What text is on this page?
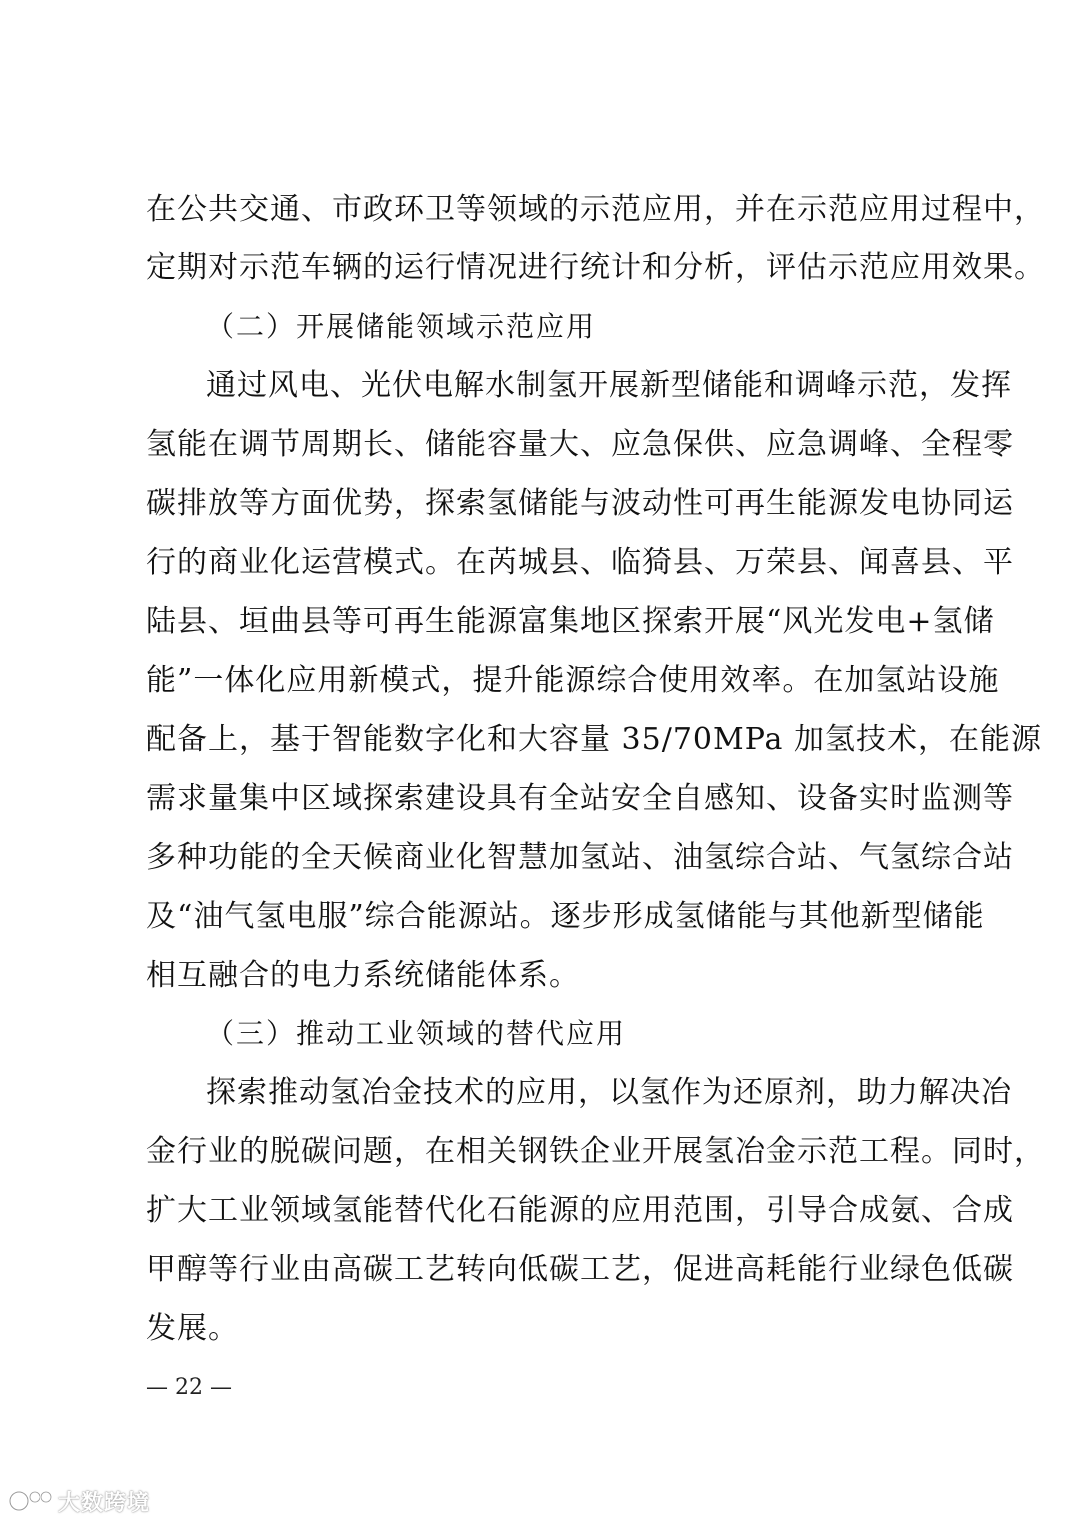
在公共交通、市政环卫等领域的示范应用，并在示范应用过程中，
定期对示范车辆的运行情况进行统计和分析，评估示范应用效果。
（二）开展储能领域示范应用
通过风电、光伏电解水制氢开展新型储能和调峰示范，发挥
氢能在调节周期长、储能容量大、应急保供、应急调峰、全程零
碳排放等方面优势，探索氢储能与波动性可再生能源发电协同运
行的商业化运营模式。在芮城县、临猗县、万荣县、闻喜县、平
陆县、垣曲县等可再生能源富集地区探索开展“风光发电+氢储
能”一体化应用新模式，提升能源综合使用效率。在加氢站设施
配备上，基于智能数字化和大容量 35/70MPa 加氢技术，在能源
需求量集中区域探索建设具有全站安全自感知、设备实时监测等
多种功能的全天候商业化智慧加氢站、油氢综合站、气氢综合站
及“油气氢电服”综合能源站。逐步形成氢储能与其他新型储能
相互融合的电力系统储能体系。
（三）推动工业领域的替代应用
探索推动氢冶金技术的应用，以氢作为还原剂，助力解决冶
金行业的脱碳问题，在相关钢铁企业开展氢冶金示范工程。同时，
扩大工业领域氢能替代化石能源的应用范围，引导合成氨、合成
甲醇等行业由高碳工艺转向低碳工艺，促进高耗能行业绿色低碳
发展。
— 22 —
大数跨境
